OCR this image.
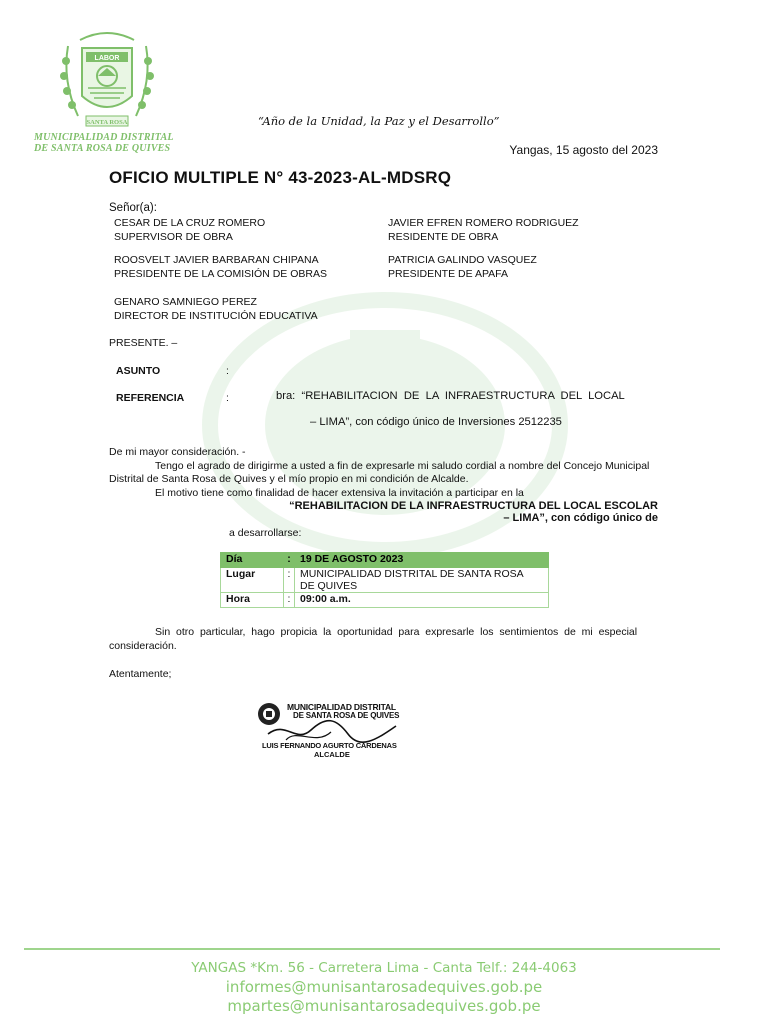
LABOR
SANTA ROSA
MUNICIPALIDAD DISTRITAL
DE SANTA ROSA DE QUIVES
“Año de la Unidad, la Paz y el Desarrollo”
Yangas, 15 agosto del 2023
OFICIO MULTIPLE N° 43-2023-AL-MDSRQ
Señor(a):
CESAR DE LA CRUZ ROMERO
SUPERVISOR DE OBRA
JAVIER EFREN ROMERO RODRIGUEZ
RESIDENTE DE OBRA
ROOSVELT JAVIER BARBARAN CHIPANA
PRESIDENTE DE LA COMISIÓN DE OBRAS
PATRICIA GALINDO VASQUEZ
PRESIDENTE DE APAFA
GENARO SAMNIEGO PEREZ
DIRECTOR DE INSTITUCIÓN EDUCATIVA
PRESENTE. –
ASUNTO	:
REFERENCIA	:	bra:  “REHABILITACION  DE  LA  INFRAESTRUCTURA  DEL  LOCAL
– LIMA”, con código único de Inversiones 2512235
De mi mayor consideración. -
Tengo el agrado de dirigirme a usted a fin de expresarle mi saludo cordial a nombre del Concejo Municipal
Distrital de Santa Rosa de Quives y el mío propio en mi condición de Alcalde.
El motivo tiene como finalidad de hacer extensiva la invitación a participar en la
“REHABILITACION DE LA INFRAESTRUCTURA DEL LOCAL ESCOLAR
– LIMA”, con código único de
a desarrollarse:
Día	:	19 DE AGOSTO 2023
Lugar	:	MUNICIPALIDAD DISTRITAL DE SANTA ROSA
DE QUIVES

Hora	:	09:00 a.m.
Sin  otro  particular,  hago  propicia  la  oportunidad  para  expresarle  los  sentimientos  de  mi  especial
consideración.
Atentamente;
MUNICIPALIDAD DISTRITAL
DE SANTA ROSA DE QUIVES
LUIS FERNANDO AGURTO CARDENAS
ALCALDE
YANGAS *Km. 56 - Carretera Lima - Canta Telf.: 244-4063
informes@munisantarosadequives.gob.pe
mpartes@munisantarosadequives.gob.pe
